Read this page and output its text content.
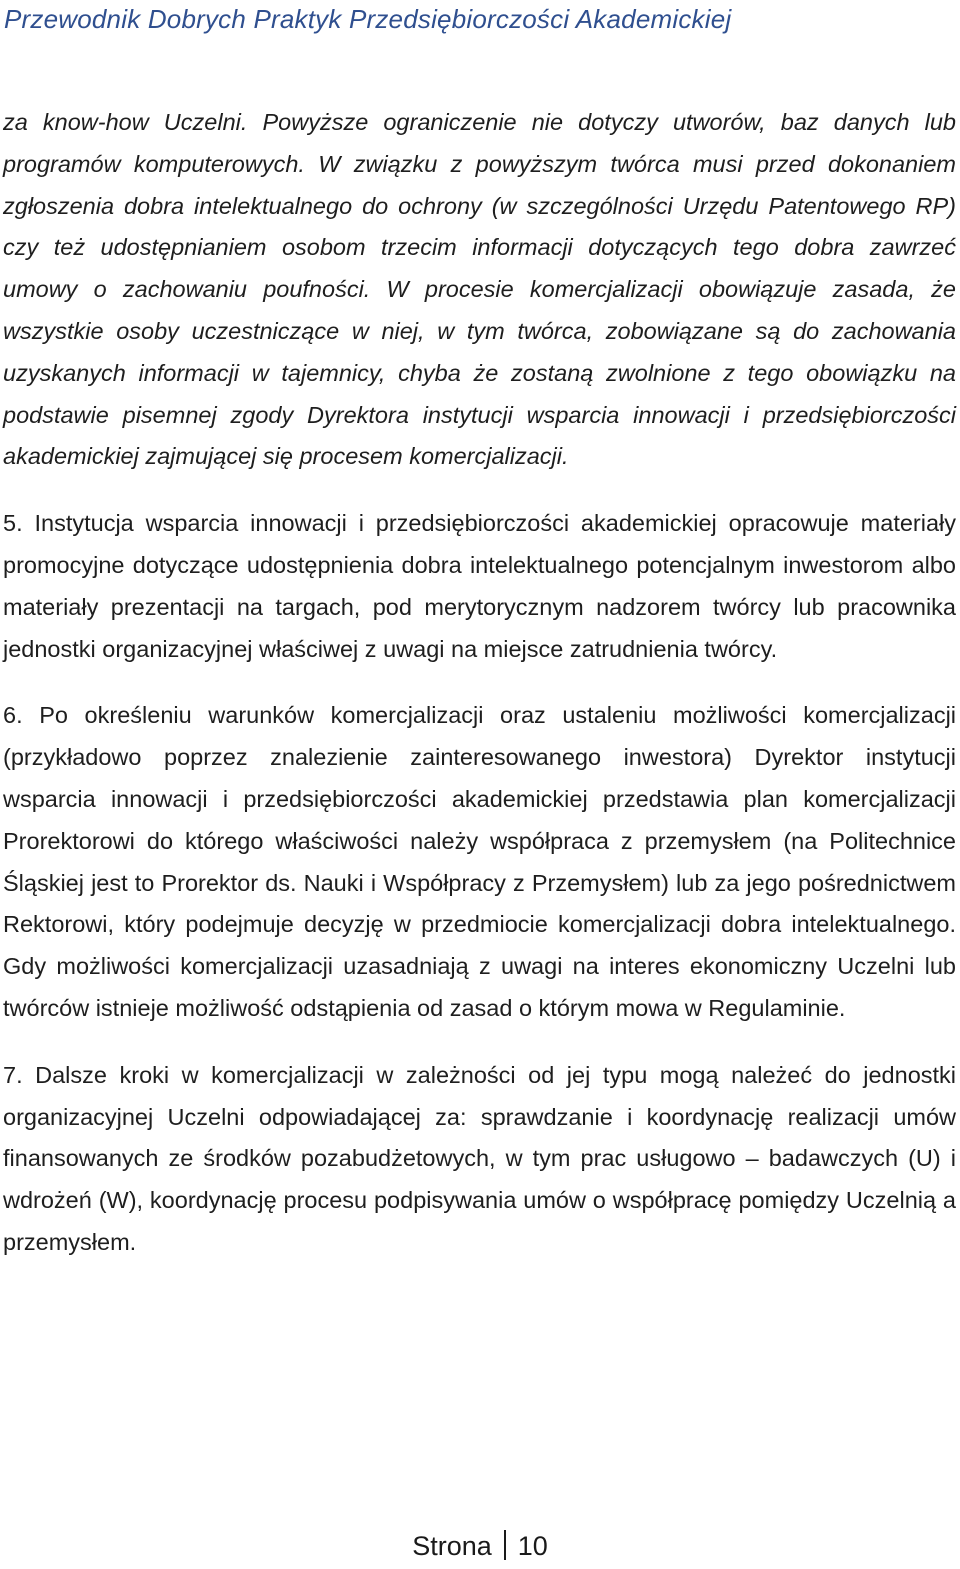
Przewodnik Dobrych Praktyk Przedsiębiorczości Akademickiej

za know-how Uczelni. Powyższe ograniczenie nie dotyczy utworów, baz danych lub programów komputerowych. W związku z powyższym twórca musi przed dokonaniem zgłoszenia dobra intelektualnego do ochrony (w szczególności Urzędu Patentowego RP) czy też udostępnianiem osobom trzecim informacji dotyczących tego dobra zawrzeć umowy o zachowaniu poufności. W procesie komercjalizacji obowiązuje zasada, że wszystkie osoby uczestniczące w niej, w tym twórca, zobowiązane są do zachowania uzyskanych informacji w tajemnicy, chyba że zostaną zwolnione z tego obowiązku na podstawie pisemnej zgody Dyrektora instytucji wsparcia innowacji i przedsiębiorczości akademickiej zajmującej się procesem komercjalizacji.

5. Instytucja wsparcia innowacji i przedsiębiorczości akademickiej opracowuje materiały promocyjne dotyczące udostępnienia dobra intelektualnego potencjalnym inwestorom albo materiały prezentacji na targach, pod merytorycznym nadzorem twórcy lub pracownika jednostki organizacyjnej właściwej z uwagi na miejsce zatrudnienia twórcy.

6. Po określeniu warunków komercjalizacji oraz ustaleniu możliwości komercjalizacji (przykładowo poprzez znalezienie zainteresowanego inwestora) Dyrektor instytucji wsparcia innowacji i przedsiębiorczości akademickiej przedstawia plan komercjalizacji Prorektorowi do którego właściwości należy współpraca z przemysłem (na Politechnice Śląskiej jest to Prorektor ds. Nauki i Współpracy z Przemysłem) lub za jego pośrednictwem Rektorowi, który podejmuje decyzję w przedmiocie komercjalizacji dobra intelektualnego. Gdy możliwości komercjalizacji uzasadniają z uwagi na interes ekonomiczny Uczelni lub twórców istnieje możliwość odstąpienia od zasad o którym mowa w Regulaminie.

7. Dalsze kroki w komercjalizacji w zależności od jej typu mogą należeć do jednostki organizacyjnej Uczelni odpowiadającej za: sprawdzanie i koordynację realizacji umów finansowanych ze środków pozabudżetowych, w tym prac usługowo – badawczych (U) i wdrożeń (W), koordynację procesu podpisywania umów o współpracę pomiędzy Uczelnią a przemysłem.

Strona 10
